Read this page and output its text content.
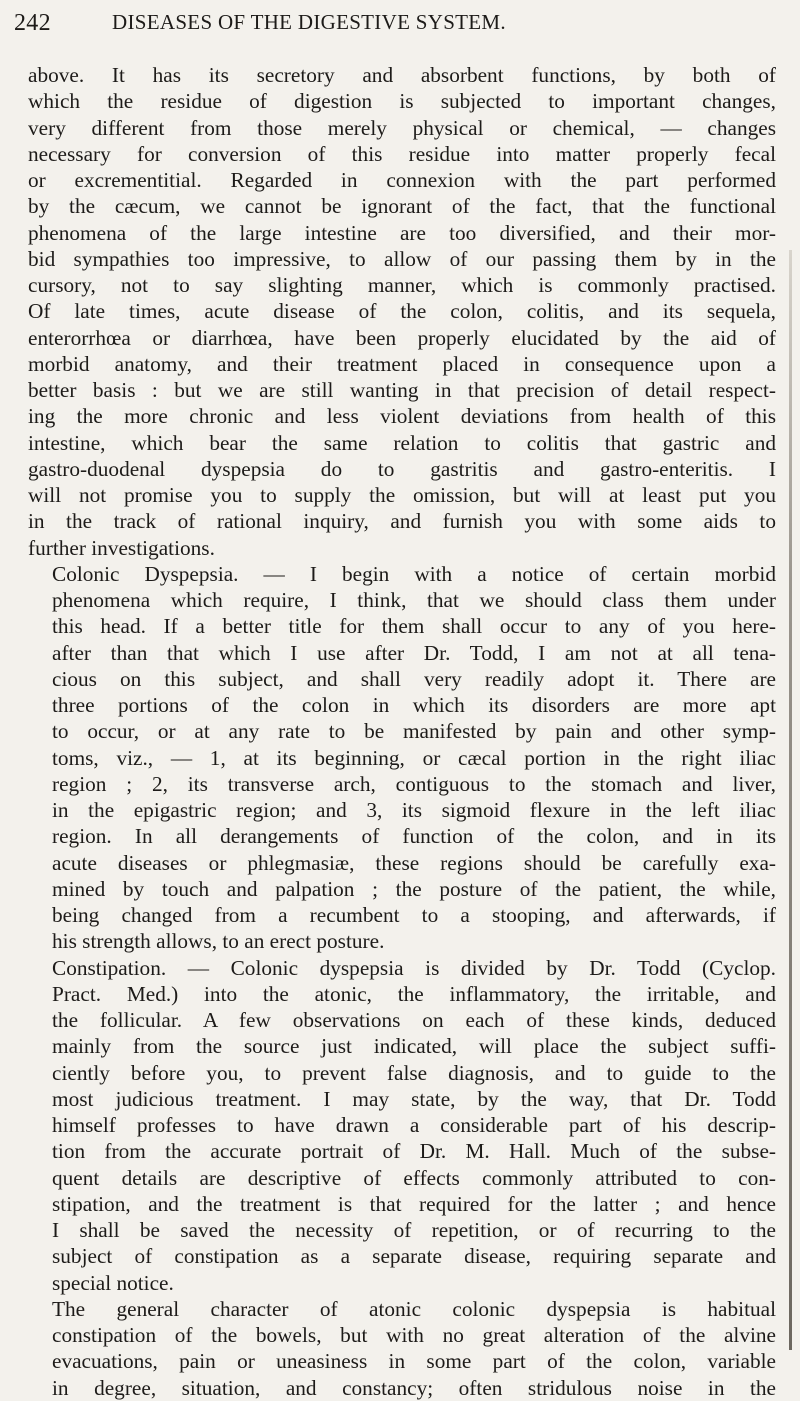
242	DISEASES OF THE DIGESTIVE SYSTEM.
above. It has its secretory and absorbent functions, by both of
which the residue of digestion is subjected to important changes,
very different from those merely physical or chemical, — changes
necessary for conversion of this residue into matter properly fecal
or excrementitial. Regarded in connexion with the part performed
by the cæcum, we cannot be ignorant of the fact, that the functional
phenomena of the large intestine are too diversified, and their mor-
bid sympathies too impressive, to allow of our passing them by in the
cursory, not to say slighting manner, which is commonly practised.
Of late times, acute disease of the colon, colitis, and its sequela,
enterorrhœa or diarrhœa, have been properly elucidated by the aid of
morbid anatomy, and their treatment placed in consequence upon a
better basis : but we are still wanting in that precision of detail respect-
ing the more chronic and less violent deviations from health of this
intestine, which bear the same relation to colitis that gastric and
gastro-duodenal dyspepsia do to gastritis and gastro-enteritis. I
will not promise you to supply the omission, but will at least put you
in the track of rational inquiry, and furnish you with some aids to
further investigations.
Colonic Dyspepsia. — I begin with a notice of certain morbid
phenomena which require, I think, that we should class them under
this head. If a better title for them shall occur to any of you here-
after than that which I use after Dr. Todd, I am not at all tena-
cious on this subject, and shall very readily adopt it. There are
three portions of the colon in which its disorders are more apt
to occur, or at any rate to be manifested by pain and other symp-
toms, viz., — 1, at its beginning, or cæcal portion in the right iliac
region ; 2, its transverse arch, contiguous to the stomach and liver,
in the epigastric region; and 3, its sigmoid flexure in the left iliac
region. In all derangements of function of the colon, and in its
acute diseases or phlegmasiæ, these regions should be carefully exa-
mined by touch and palpation ; the posture of the patient, the while,
being changed from a recumbent to a stooping, and afterwards, if
his strength allows, to an erect posture.
Constipation. — Colonic dyspepsia is divided by Dr. Todd (Cyclop.
Pract. Med.) into the atonic, the inflammatory, the irritable, and
the follicular. A few observations on each of these kinds, deduced
mainly from the source just indicated, will place the subject suffi-
ciently before you, to prevent false diagnosis, and to guide to the
most judicious treatment. I may state, by the way, that Dr. Todd
himself professes to have drawn a considerable part of his descrip-
tion from the accurate portrait of Dr. M. Hall. Much of the subse-
quent details are descriptive of effects commonly attributed to con-
stipation, and the treatment is that required for the latter ; and hence
I shall be saved the necessity of repetition, or of recurring to the
subject of constipation as a separate disease, requiring separate and
special notice.
The general character of atonic colonic dyspepsia is habitual
constipation of the bowels, but with no great alteration of the alvine
evacuations, pain or uneasiness in some part of the colon, variable
in degree, situation, and constancy; often stridulous noise in the
